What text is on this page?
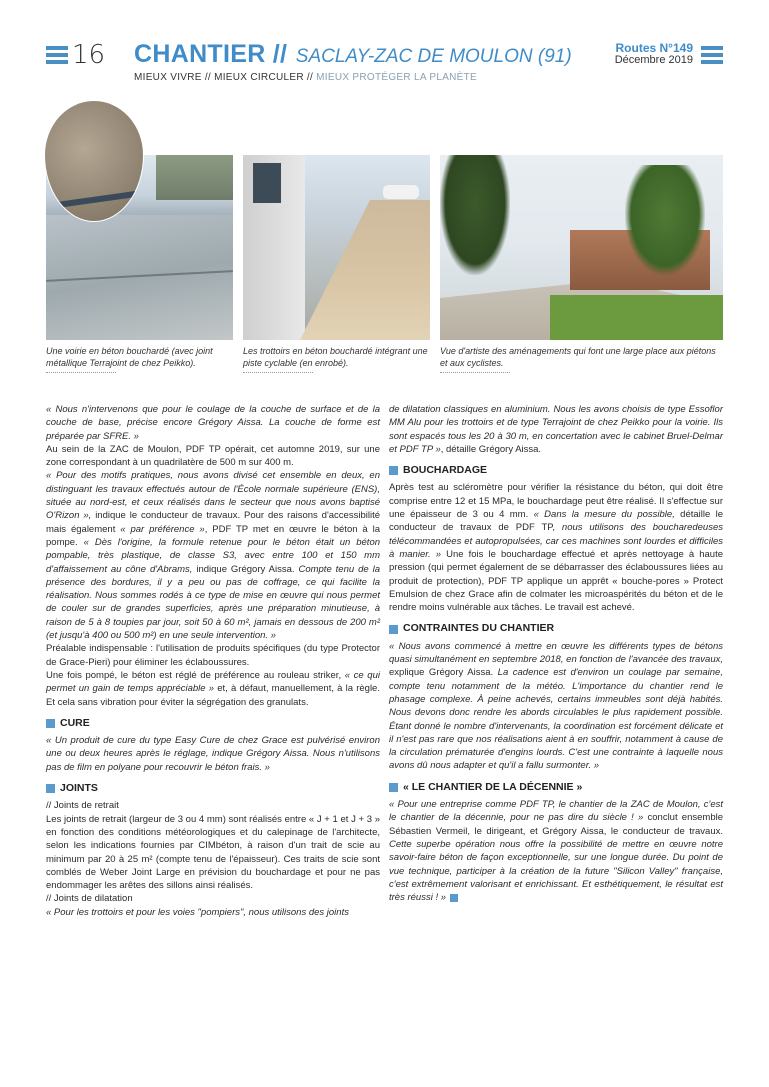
16 CHANTIER // SACLAY-ZAC DE MOULON (91)
MIEUX VIVRE // MIEUX CIRCULER // MIEUX PROTÉGER LA PLANÈTE
Routes N°149
Décembre 2019
Une voirie en béton bouchardé (avec joint métallique Terrajoint de chez Peikko).
Les trottoirs en béton bouchardé intégrant une piste cyclable (en enrobé).
Vue d'artiste des aménagements qui font une large place aux piétons et aux cyclistes.

« Nous n'intervenons que pour le coulage de la couche de surface et de la couche de base, précise encore Grégory Aissa. La couche de forme est préparée par SFRE. »

Au sein de la ZAC de Moulon, PDF TP opérait, cet automne 2019, sur une zone correspondant à un quadrilatère de 500 m sur 400 m.

« Pour des motifs pratiques, nous avons divisé cet ensemble en deux, en distinguant les travaux effectués autour de l'École normale supérieure (ENS), située au nord-est, et ceux réalisés dans le secteur que nous avons baptisé O'Rizon », indique le conducteur de travaux. Pour des raisons d'accessibilité mais également « par préférence », PDF TP met en œuvre le béton à la pompe. « Dès l'origine, la formule retenue pour le béton était un béton pompable, très plastique, de classe S3, avec entre 100 et 150 mm d'affaissement au cône d'Abrams, indique Grégory Aissa. Compte tenu de la présence des bordures, il y a peu ou pas de coffrage, ce qui facilite la réalisation. Nous sommes rodés à ce type de mise en œuvre qui nous permet de couler sur de grandes superficies, après une préparation minutieuse, à raison de 5 à 8 toupies par jour, soit 50 à 60 m², jamais en dessous de 200 m² (et jusqu'à 400 ou 500 m²) en une seule intervention. »

Préalable indispensable : l'utilisation de produits spécifiques (du type Protector de Grace-Pieri) pour éliminer les éclaboussures.

Une fois pompé, le béton est réglé de préférence au rouleau striker, « ce qui permet un gain de temps appréciable » et, à défaut, manuellement, à la règle. Et cela sans vibration pour éviter la ségrégation des granulats.

CURE

« Un produit de cure du type Easy Cure de chez Grace est pulvérisé environ une ou deux heures après le réglage, indique Grégory Aissa. Nous n'utilisons pas de film en polyane pour recouvrir le béton frais. »

JOINTS

// Joints de retrait

Les joints de retrait (largeur de 3 ou 4 mm) sont réalisés entre « J + 1 et J + 3 » en fonction des conditions météorologiques et du calepinage de l'architecte, selon les indications fournies par CIMbéton, à raison d'un trait de scie au minimum par 20 à 25 m² (compte tenu de l'épaisseur). Ces traits de scie sont comblés de Weber Joint Large en prévision du bouchardage et pour ne pas endommager les arêtes des sillons ainsi réalisés.

// Joints de dilatation

« Pour les trottoirs et pour les voies "pompiers", nous utilisons des joints

de dilatation classiques en aluminium. Nous les avons choisis de type Essoflor MM Alu pour les trottoirs et de type Terrajoint de chez Peikko pour la voirie. Ils sont espacés tous les 20 à 30 m, en concertation avec le cabinet Bruel-Delmar et PDF TP », détaille Grégory Aissa.

BOUCHARDAGE

Après test au scléromètre pour vérifier la résistance du béton, qui doit être comprise entre 12 et 15 MPa, le bouchardage peut être réalisé. Il s'effectue sur une épaisseur de 3 ou 4 mm. « Dans la mesure du possible, détaille le conducteur de travaux de PDF TP, nous utilisons des boucharedeuses télécommandées et autopropulsées, car ces machines sont lourdes et difficiles à manier. » Une fois le bouchardage effectué et après nettoyage à haute pression (qui permet également de se débarrasser des éclaboussures liées au produit de protection), PDF TP applique un apprêt « bouche-pores » Protect Emulsion de chez Grace afin de colmater les microaspérités du béton et de le rendre moins vulnérable aux tâches. Le travail est achevé.

CONTRAINTES DU CHANTIER

« Nous avons commencé à mettre en œuvre les différents types de bétons quasi simultanément en septembre 2018, en fonction de l'avancée des travaux, explique Grégory Aissa. La cadence est d'environ un coulage par semaine, compte tenu notamment de la météo. L'importance du chantier rend le phasage complexe. À peine achevés, certains immeubles sont déjà habités. Nous devons donc rendre les abords circulables le plus rapidement possible. Étant donné le nombre d'intervenants, la coordination est forcément délicate et il n'est pas rare que nos réalisations aient à en souffrir, notamment à cause de la circulation prématurée d'engins lourds. C'est une contrainte à laquelle nous avons dû nous adapter et qu'il a fallu surmonter. »

« LE CHANTIER DE LA DÉCENNIE »

« Pour une entreprise comme PDF TP, le chantier de la ZAC de Moulon, c'est le chantier de la décennie, pour ne pas dire du siècle ! » conclut ensemble Sébastien Vermeil, le dirigeant, et Grégory Aissa, le conducteur de travaux. Cette superbe opération nous offre la possibilité de mettre en œuvre notre savoir-faire béton de façon exceptionnelle, sur une longue durée. Du point de vue technique, participer à la création de la future "Silicon Valley" française, c'est extrêmement valorisant et enrichissant. Et esthétiquement, le résultat est très réussi ! »
